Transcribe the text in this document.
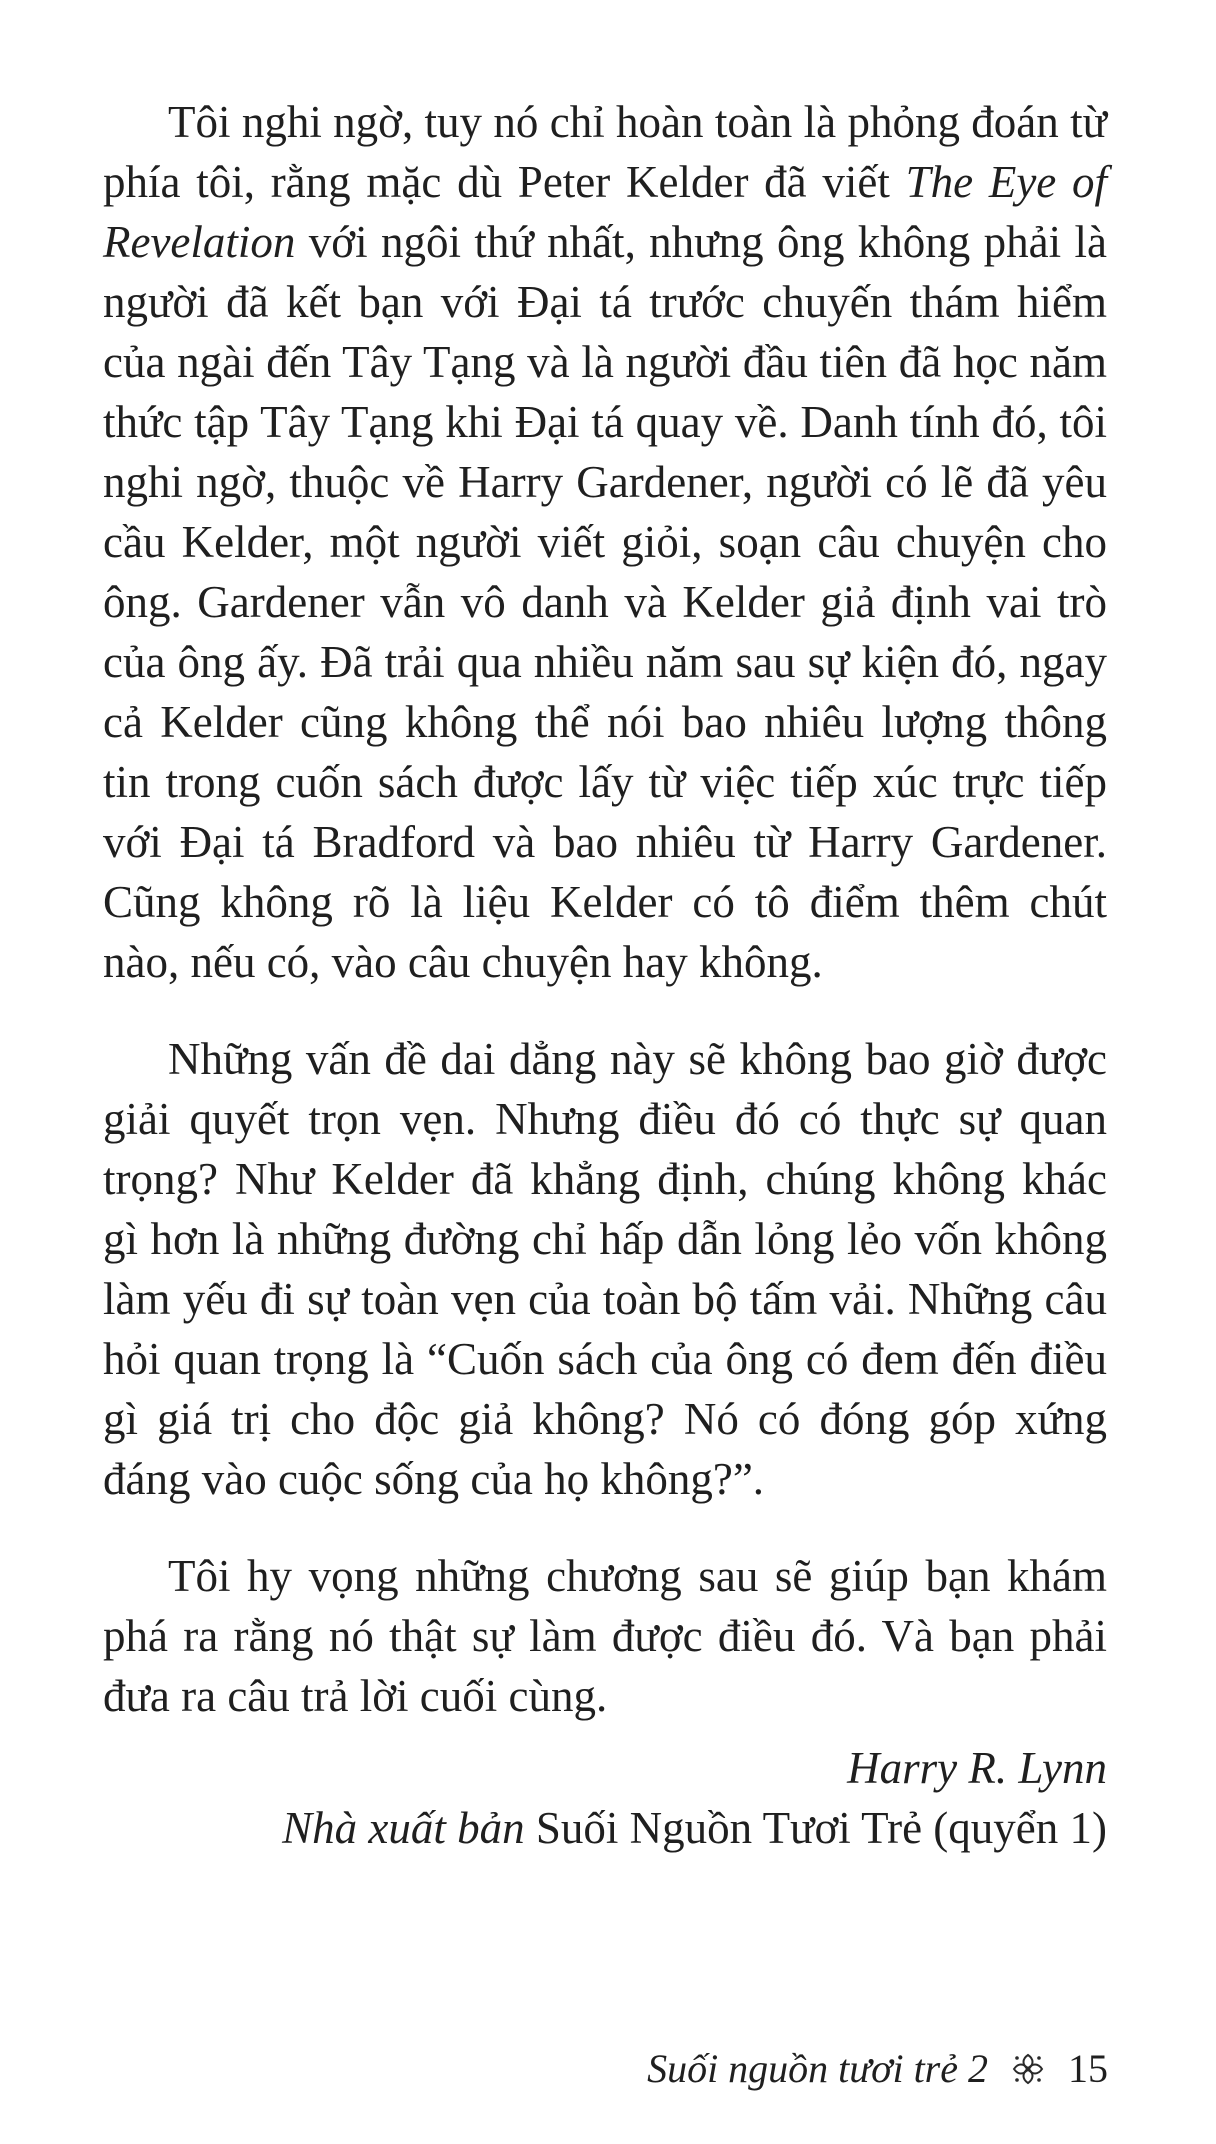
Tôi nghi ngờ, tuy nó chỉ hoàn toàn là phỏng đoán từ phía tôi, rằng mặc dù Peter Kelder đã viết The Eye of Revelation với ngôi thứ nhất, nhưng ông không phải là người đã kết bạn với Đại tá trước chuyến thám hiểm của ngài đến Tây Tạng và là người đầu tiên đã học năm thức tập Tây Tạng khi Đại tá quay về. Danh tính đó, tôi nghi ngờ, thuộc về Harry Gardener, người có lẽ đã yêu cầu Kelder, một người viết giỏi, soạn câu chuyện cho ông. Gardener vẫn vô danh và Kelder giả định vai trò của ông ấy. Đã trải qua nhiều năm sau sự kiện đó, ngay cả Kelder cũng không thể nói bao nhiêu lượng thông tin trong cuốn sách được lấy từ việc tiếp xúc trực tiếp với Đại tá Bradford và bao nhiêu từ Harry Gardener. Cũng không rõ là liệu Kelder có tô điểm thêm chút nào, nếu có, vào câu chuyện hay không.

Những vấn đề dai dẳng này sẽ không bao giờ được giải quyết trọn vẹn. Nhưng điều đó có thực sự quan trọng? Như Kelder đã khẳng định, chúng không khác gì hơn là những đường chỉ hấp dẫn lỏng lẻo vốn không làm yếu đi sự toàn vẹn của toàn bộ tấm vải. Những câu hỏi quan trọng là “Cuốn sách của ông có đem đến điều gì giá trị cho độc giả không? Nó có đóng góp xứng đáng vào cuộc sống của họ không?”.

Tôi hy vọng những chương sau sẽ giúp bạn khám phá ra rằng nó thật sự làm được điều đó. Và bạn phải đưa ra câu trả lời cuối cùng.

Harry R. Lynn

Nhà xuất bản Suối Nguồn Tươi Trẻ (quyển 1)

Suối nguồn tươi trẻ 2 15
